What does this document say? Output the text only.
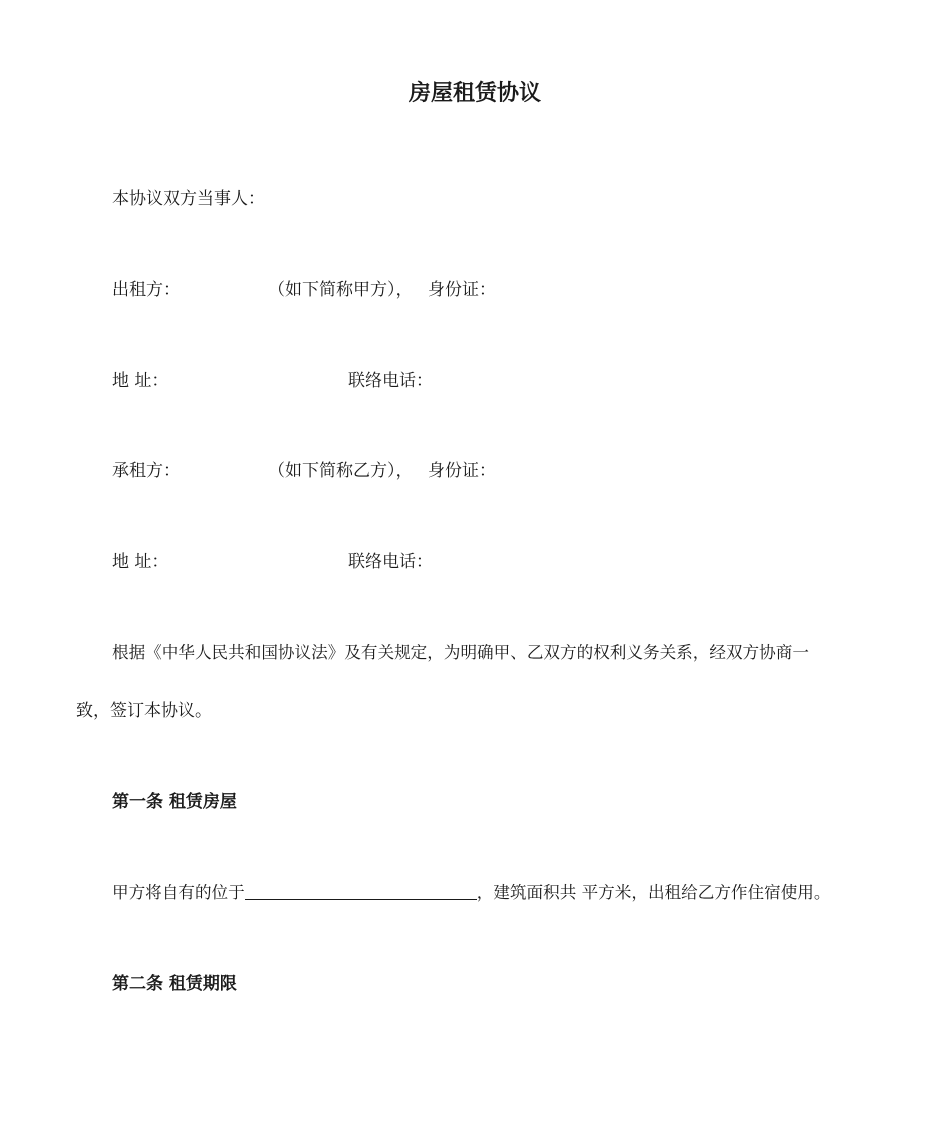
房屋租赁协议
本协议双方当事人：
出租方：	（如下简称甲方）， 身份证：
地 址：	联络电话：
承租方：	（如下简称乙方）， 身份证：
地 址：	联络电话：
根据《中华人民共和国协议法》及有关规定，为明确甲、乙双方的权利义务关系，经双方协商一
致，签订本协议。
第一条 租赁房屋
甲方将自有的位于	，建筑面积共 平方米，出租给乙方作住宿使用。
第二条 租赁期限
